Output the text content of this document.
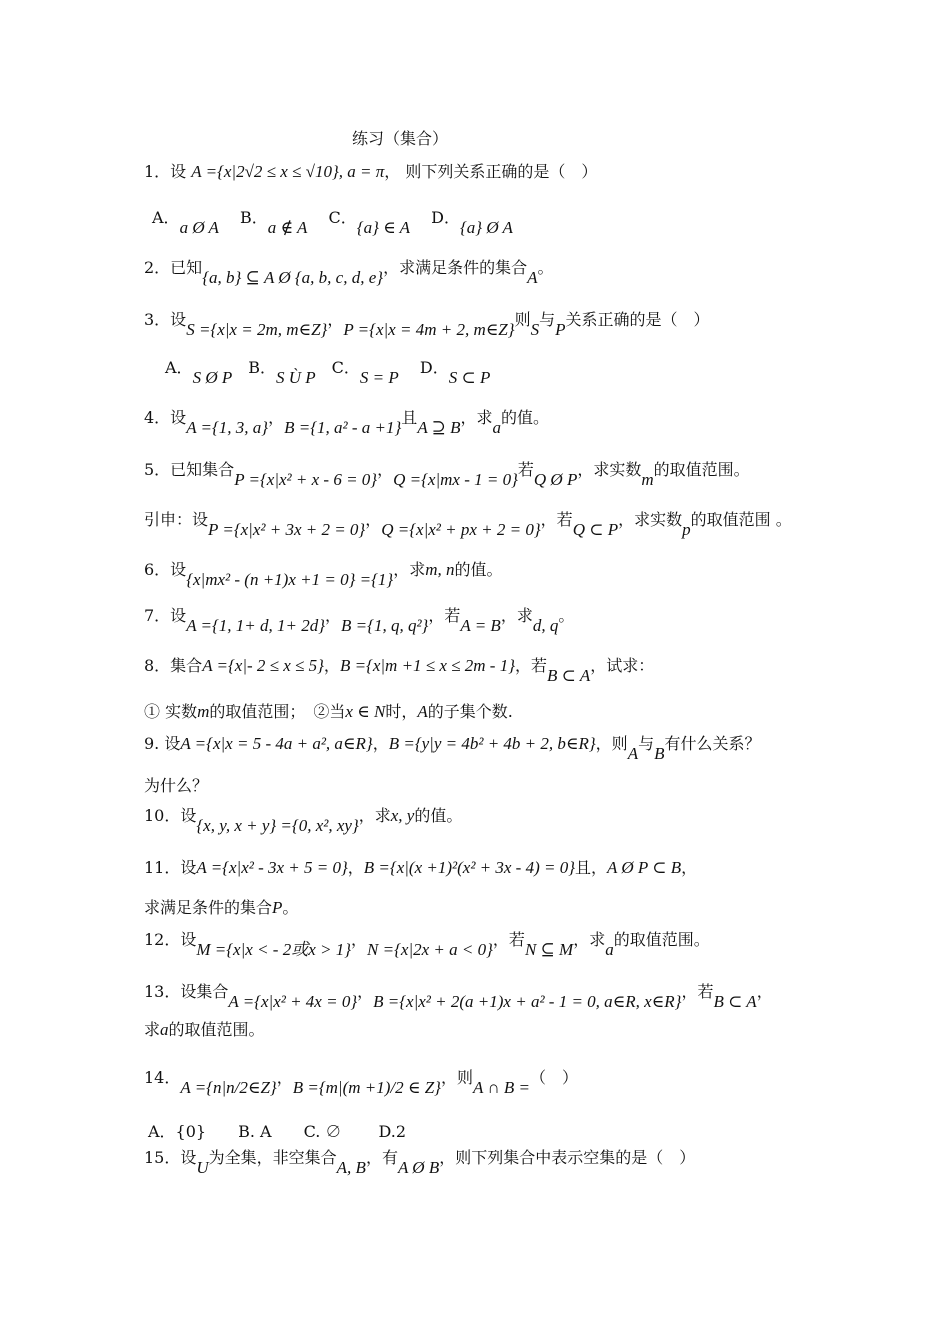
练习（集合）
1．设 A ={x|2√2 ≤ x ≤ √10}, a = π， 则下列关系正确的是（　）
A．a Ø A　 B．a ∉ A　 C．{a} ∈ A　 D．{a} Ø A
2．已知{a, b} ⊆ A Ø {a, b, c, d, e}，求满足条件的集合A。
3．设S ={x|x = 2m, m∈Z}，P ={x|x = 4m + 2, m∈Z}则S与P关系正确的是（　）
A．S Ø P　B．S Ù P　C．S = P　 D．S ⊂ P
4．设A ={1, 3, a}，B ={1, a² - a +1}且A ⊇ B，求a的值。
5．已知集合P ={x|x² + x - 6 = 0}，Q ={x|mx - 1 = 0}若Q Ø P，求实数m的取值范围。
引申：设P ={x|x² + 3x + 2 = 0}，Q ={x|x² + px + 2 = 0}，若Q ⊂ P，求实数p的取值范围 。
6．设{x|mx² - (n +1)x +1 = 0} ={1}，求m, n的值。
7．设A ={1, 1+ d, 1+ 2d}，B ={1, q, q²}，若A = B，求d, q。
8．集合A ={x|- 2 ≤ x ≤ 5}，B ={x|m +1 ≤ x ≤ 2m - 1}，若B ⊂ A，试求：
① 实数m的取值范围；　②当x ∈ N时，A的子集个数.
9. 设A ={x|x = 5 - 4a + a², a∈R}，B ={y|y = 4b² + 4b + 2, b∈R}，则A与B有什么关系？
为什么？
10．设{x, y, x + y} ={0, x², xy}，求x, y的值。
11．设A ={x|x² - 3x + 5 = 0}，B ={x|(x +1)²(x² + 3x - 4) = 0}且，A Ø P ⊂ B，
求满足条件的集合P。
12．设M ={x|x < - 2或x > 1}，N ={x|2x + a < 0}，若N ⊆ M，求a的取值范围。
13．设集合A ={x|x² + 4x = 0}，B ={x|x² + 2(a +1)x + a² - 1 = 0, a∈R, x∈R}，若B ⊂ A，
求a的取值范围。
14．A ={n|n/2∈Z}，B ={m|(m +1)/2 ∈ Z}，则A ∩ B =（　）
A．{0}　　B. A　　C. ∅　　 D.2
15．设U为全集，非空集合A, B，有A Ø B，则下列集合中表示空集的是（　）
